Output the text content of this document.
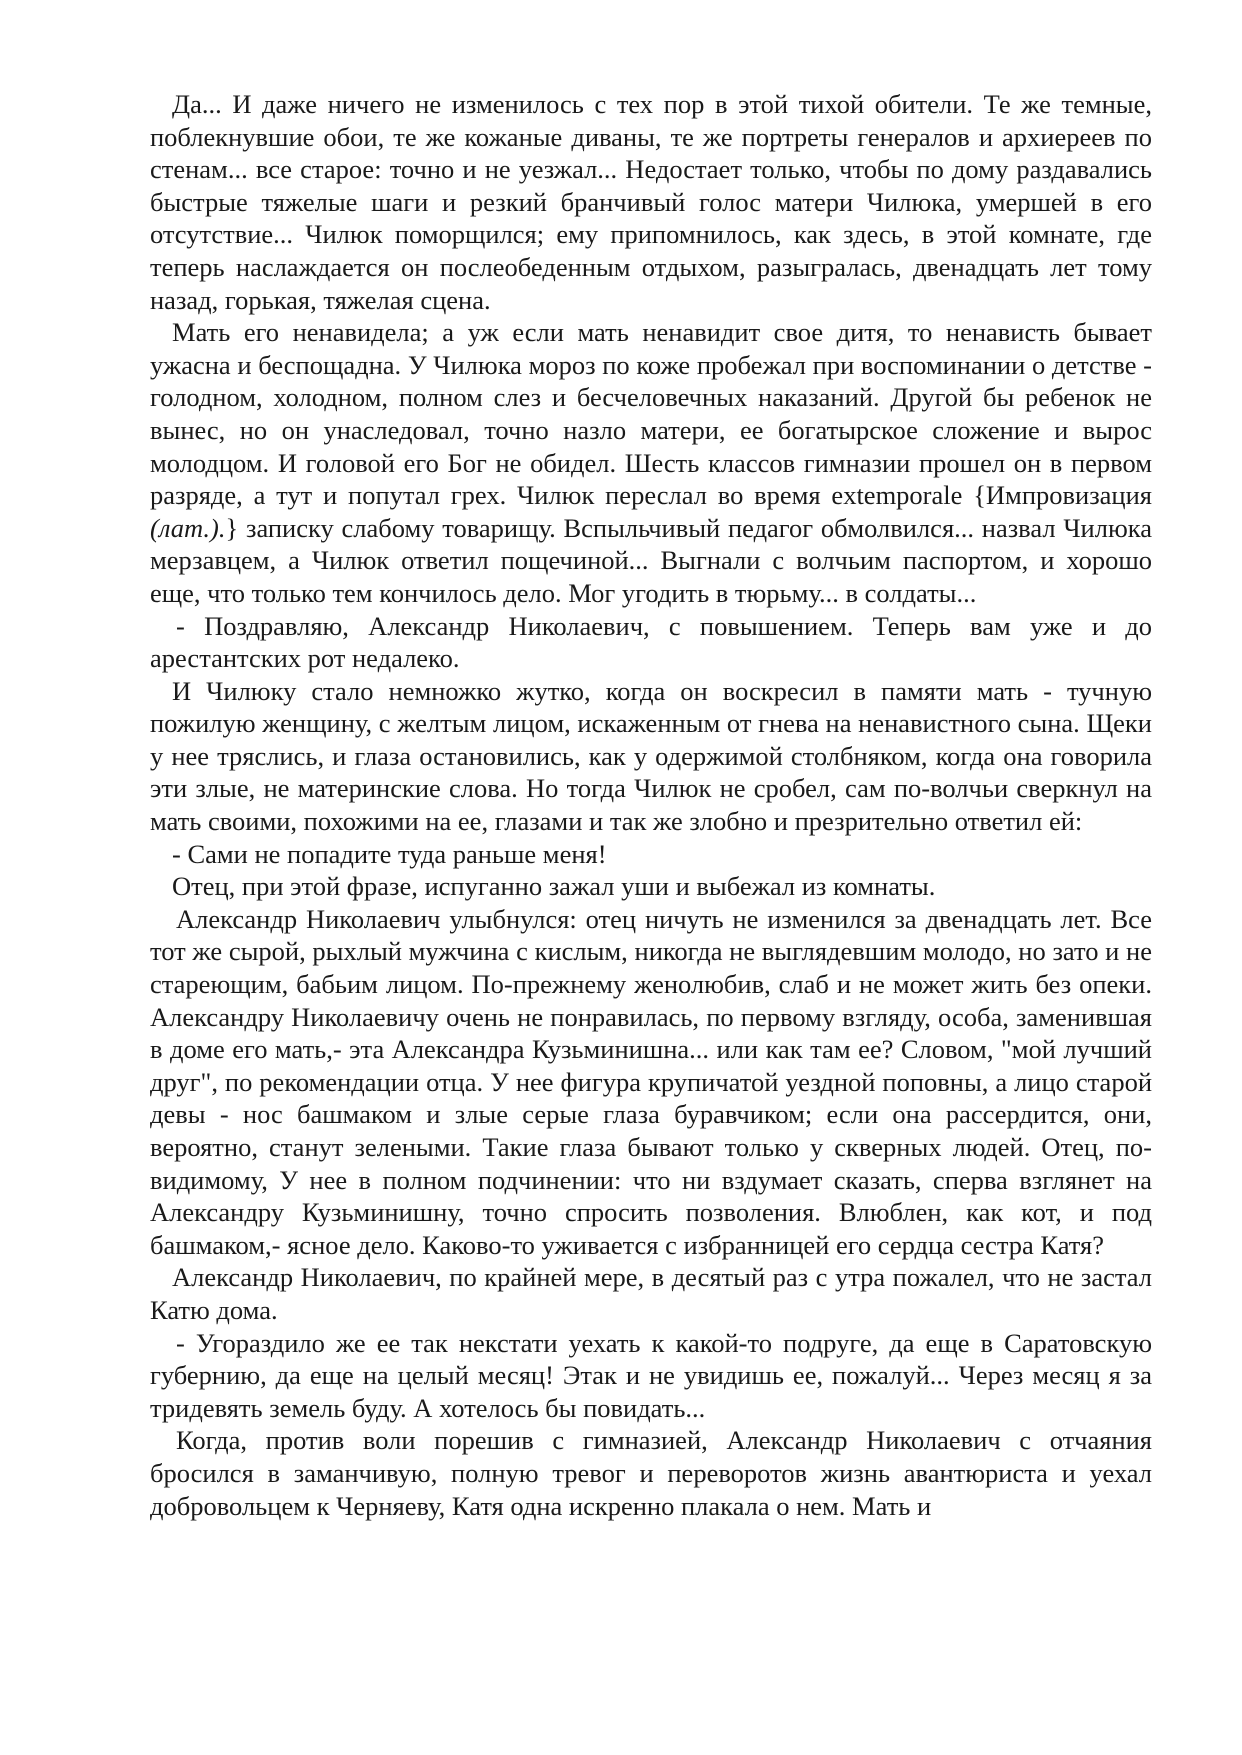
Да... И даже ничего не изменилось с тех пор в этой тихой обители. Те же темные, поблекнувшие обои, те же кожаные диваны, те же портреты генералов и архиереев по стенам... все старое: точно и не уезжал... Недостает только, чтобы по дому раздавались быстрые тяжелые шаги и резкий бранчивый голос матери Чилюка, умершей в его отсутствие... Чилюк поморщился; ему припомнилось, как здесь, в этой комнате, где теперь наслаждается он послеобеденным отдыхом, разыгралась, двенадцать лет тому назад, горькая, тяжелая сцена.

Мать его ненавидела; а уж если мать ненавидит свое дитя, то ненависть бывает ужасна и беспощадна. У Чилюка мороз по коже пробежал при воспоминании о детстве - голодном, холодном, полном слез и бесчеловечных наказаний. Другой бы ребенок не вынес, но он унаследовал, точно назло матери, ее богатырское сложение и вырос молодцом. И головой его Бог не обидел. Шесть классов гимназии прошел он в первом разряде, а тут и попутал грех. Чилюк переслал во время extemporale {Импровизация (лат.).} записку слабому товарищу. Вспыльчивый педагог обмолвился... назвал Чилюка мерзавцем, а Чилюк ответил пощечиной... Выгнали с волчьим паспортом, и хорошо еще, что только тем кончилось дело. Мог угодить в тюрьму... в солдаты...

- Поздравляю, Александр Николаевич, с повышением. Теперь вам уже и до арестантских рот недалеко.

И Чилюку стало немножко жутко, когда он воскресил в памяти мать - тучную пожилую женщину, с желтым лицом, искаженным от гнева на ненавистного сына. Щеки у нее тряслись, и глаза остановились, как у одержимой столбняком, когда она говорила эти злые, не материнские слова. Но тогда Чилюк не сробел, сам по-волчьи сверкнул на мать своими, похожими на ее, глазами и так же злобно и презрительно ответил ей:

- Сами не попадите туда раньше меня!

Отец, при этой фразе, испуганно зажал уши и выбежал из комнаты.

Александр Николаевич улыбнулся: отец ничуть не изменился за двенадцать лет. Все тот же сырой, рыхлый мужчина с кислым, никогда не выглядевшим молодо, но зато и не стареющим, бабьим лицом. По-прежнему женолюбив, слаб и не может жить без опеки. Александру Николаевичу очень не понравилась, по первому взгляду, особа, заменившая в доме его мать,- эта Александра Кузьминишна... или как там ее? Словом, "мой лучший друг", по рекомендации отца. У нее фигура крупичатой уездной поповны, а лицо старой девы - нос башмаком и злые серые глаза буравчиком; если она рассердится, они, вероятно, станут зелеными. Такие глаза бывают только у скверных людей. Отец, по-видимому, У нее в полном подчинении: что ни вздумает сказать, сперва взглянет на Александру Кузьминишну, точно спросить позволения. Влюблен, как кот, и под башмаком,- ясное дело. Каково-то уживается с избранницей его сердца сестра Катя?

Александр Николаевич, по крайней мере, в десятый раз с утра пожалел, что не застал Катю дома.

- Угораздило же ее так некстати уехать к какой-то подруге, да еще в Саратовскую губернию, да еще на целый месяц! Этак и не увидишь ее, пожалуй... Через месяц я за тридевять земель буду. А хотелось бы повидать...

Когда, против воли порешив с гимназией, Александр Николаевич с отчаяния бросился в заманчивую, полную тревог и переворотов жизнь авантюриста и уехал добровольцем к Черняеву, Катя одна искренно плакала о нем. Мать и
